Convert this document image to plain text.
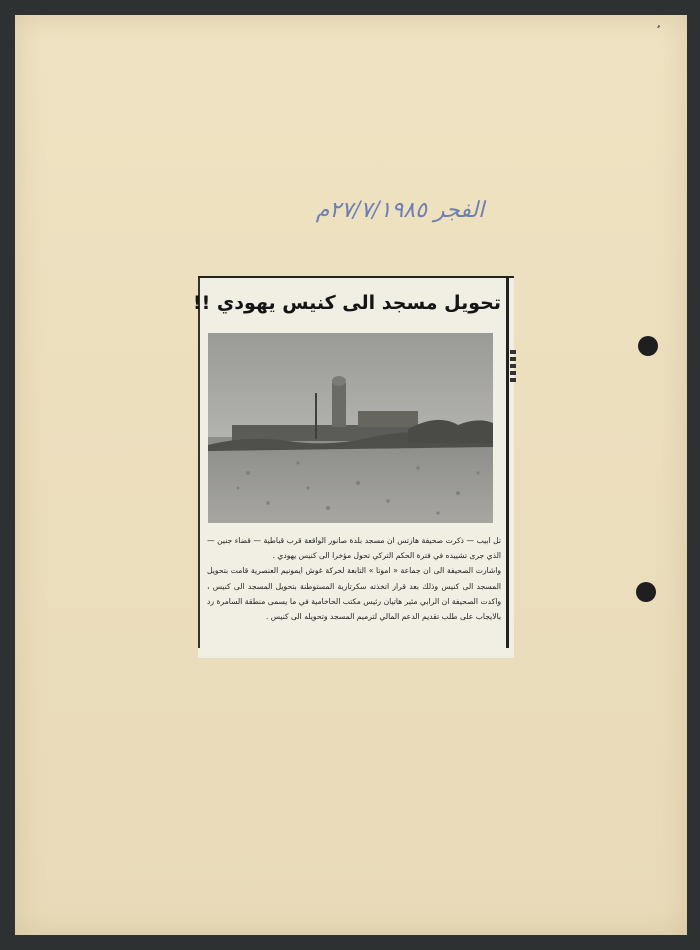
الفجر ٢٧/٧/١٩٨٥م
تحويل مسجد الى كنيس يهودي !!

تل ابيب — ذكرت صحيفة هارتس ان مسجد بلدة صانور الواقعة قرب قباطية — قضاء جنين — الذي جرى تشييده في فترة الحكم التركي تحول مؤخرا الى كنيس يهودي .

واشارت الصحيفة الى ان جماعة « اموتا » التابعة لحركة غوش ايمونيم العنصرية قامت بتحويل المسجد الى كنيس وذلك بعد قرار اتخذته سكرتارية المستوطنة بتحويل المسجد الى كنيس ، واكدت الصحيفة ان الرابي مئير هاتيان رئيس مكتب الحاخامية في ما يسمى منطقة السامرة رد بالايجاب على طلب تقديم الدعم المالي لترميم المسجد وتحويله الى كنيس .
